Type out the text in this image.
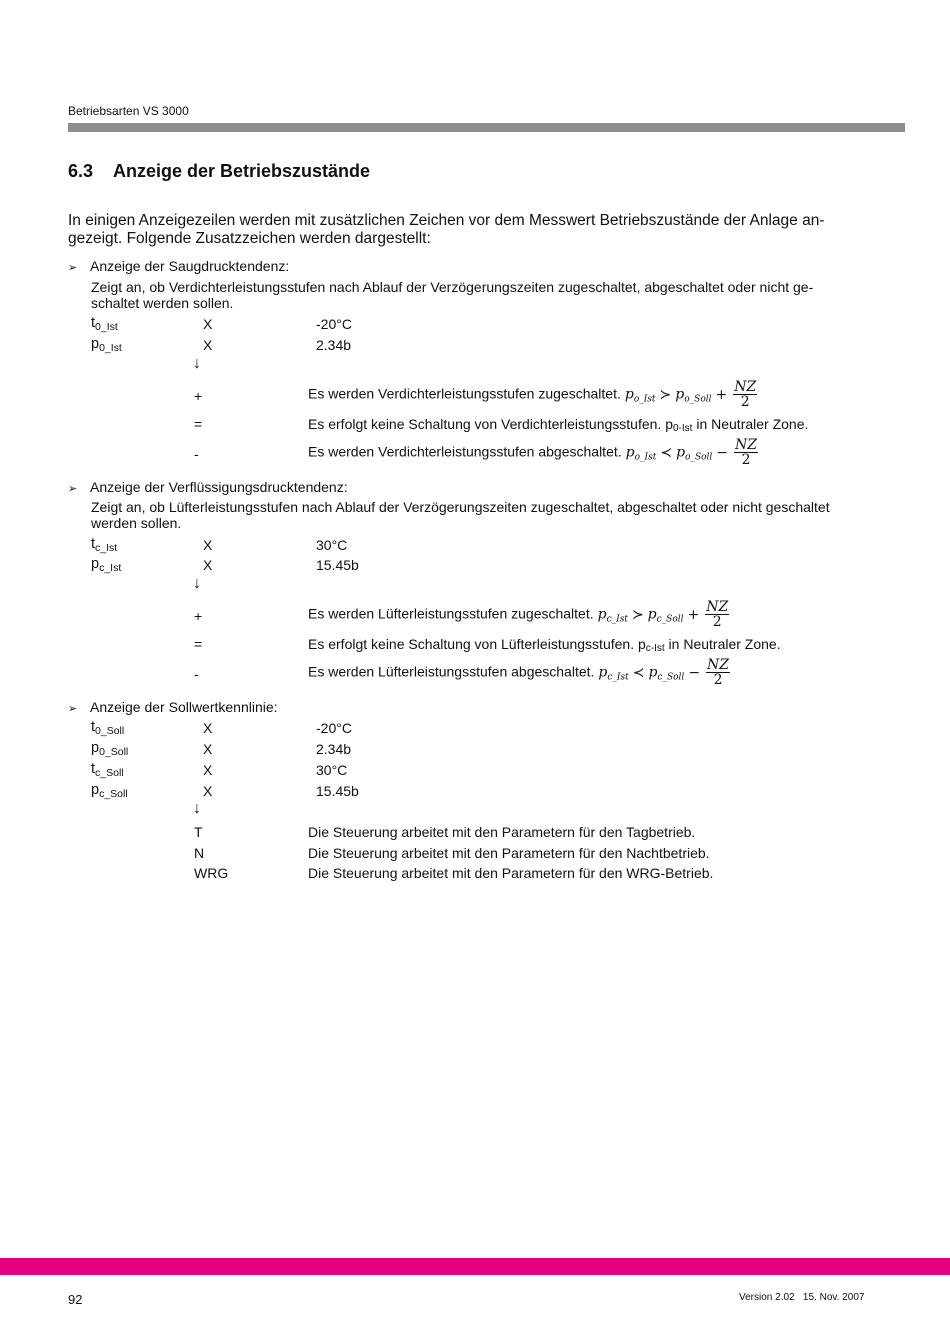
Betriebsarten VS 3000
6.3 Anzeige der Betriebszustände
In einigen Anzeigezeilen werden mit zusätzlichen Zeichen vor dem Messwert Betriebszustände der Anlage an-
gezeigt. Folgende Zusatzzeichen werden dargestellt:
➢ Anzeige der Saugdrucktendenz:
Zeigt an, ob Verdichterleistungsstufen nach Ablauf der Verzögerungszeiten zugeschaltet, abgeschaltet oder nicht ge-
schaltet werden sollen.
$t_{0\_Ist}$	X	-20°C
$p_{0\_Ist}$	X	2.34b
↓
+	Es werden Verdichterleistungsstufen zugeschaltet. $p_{o\_Ist}$ ≻ $p_{o\_Soll} + \frac{NZ}{2}$
=	Es erfolgt keine Schaltung von Verdichterleistungsstufen. $p_{0-Ist}$ in Neutraler Zone.
-	Es werden Verdichterleistungsstufen abgeschaltet. $p_{o\_Ist}$ ≺ $p_{o\_Soll} - \frac{NZ}{2}$
➢ Anzeige der Verflüssigungsdrucktendenz:
Zeigt an, ob Lüfterleistungsstufen nach Ablauf der Verzögerungszeiten zugeschaltet, abgeschaltet oder nicht geschaltet
werden sollen.
$t_{c\_Ist}$	X	30°C
$p_{c\_Ist}$	X	15.45b
↓
+	Es werden Lüfterleistungsstufen zugeschaltet. $p_{c\_Ist}$ ≻ $p_{c\_Soll} + \frac{NZ}{2}$
=	Es erfolgt keine Schaltung von Lüfterleistungsstufen. $p_{c-Ist}$ in Neutraler Zone.
-	Es werden Lüfterleistungsstufen abgeschaltet. $p_{c\_Ist}$ ≺ $p_{c\_Soll} - \frac{NZ}{2}$
➢ Anzeige der Sollwertkennlinie:
$t_{0\_Soll}$	X	-20°C
$p_{0\_Soll}$	X	2.34b
$t_{c\_Soll}$	X	30°C
$p_{c\_Soll}$	X	15.45b
↓
T	Die Steuerung arbeitet mit den Parametern für den Tagbetrieb.
N	Die Steuerung arbeitet mit den Parametern für den Nachtbetrieb.
WRG	Die Steuerung arbeitet mit den Parametern für den WRG-Betrieb.
92	Version 2.02   15. Nov. 2007
